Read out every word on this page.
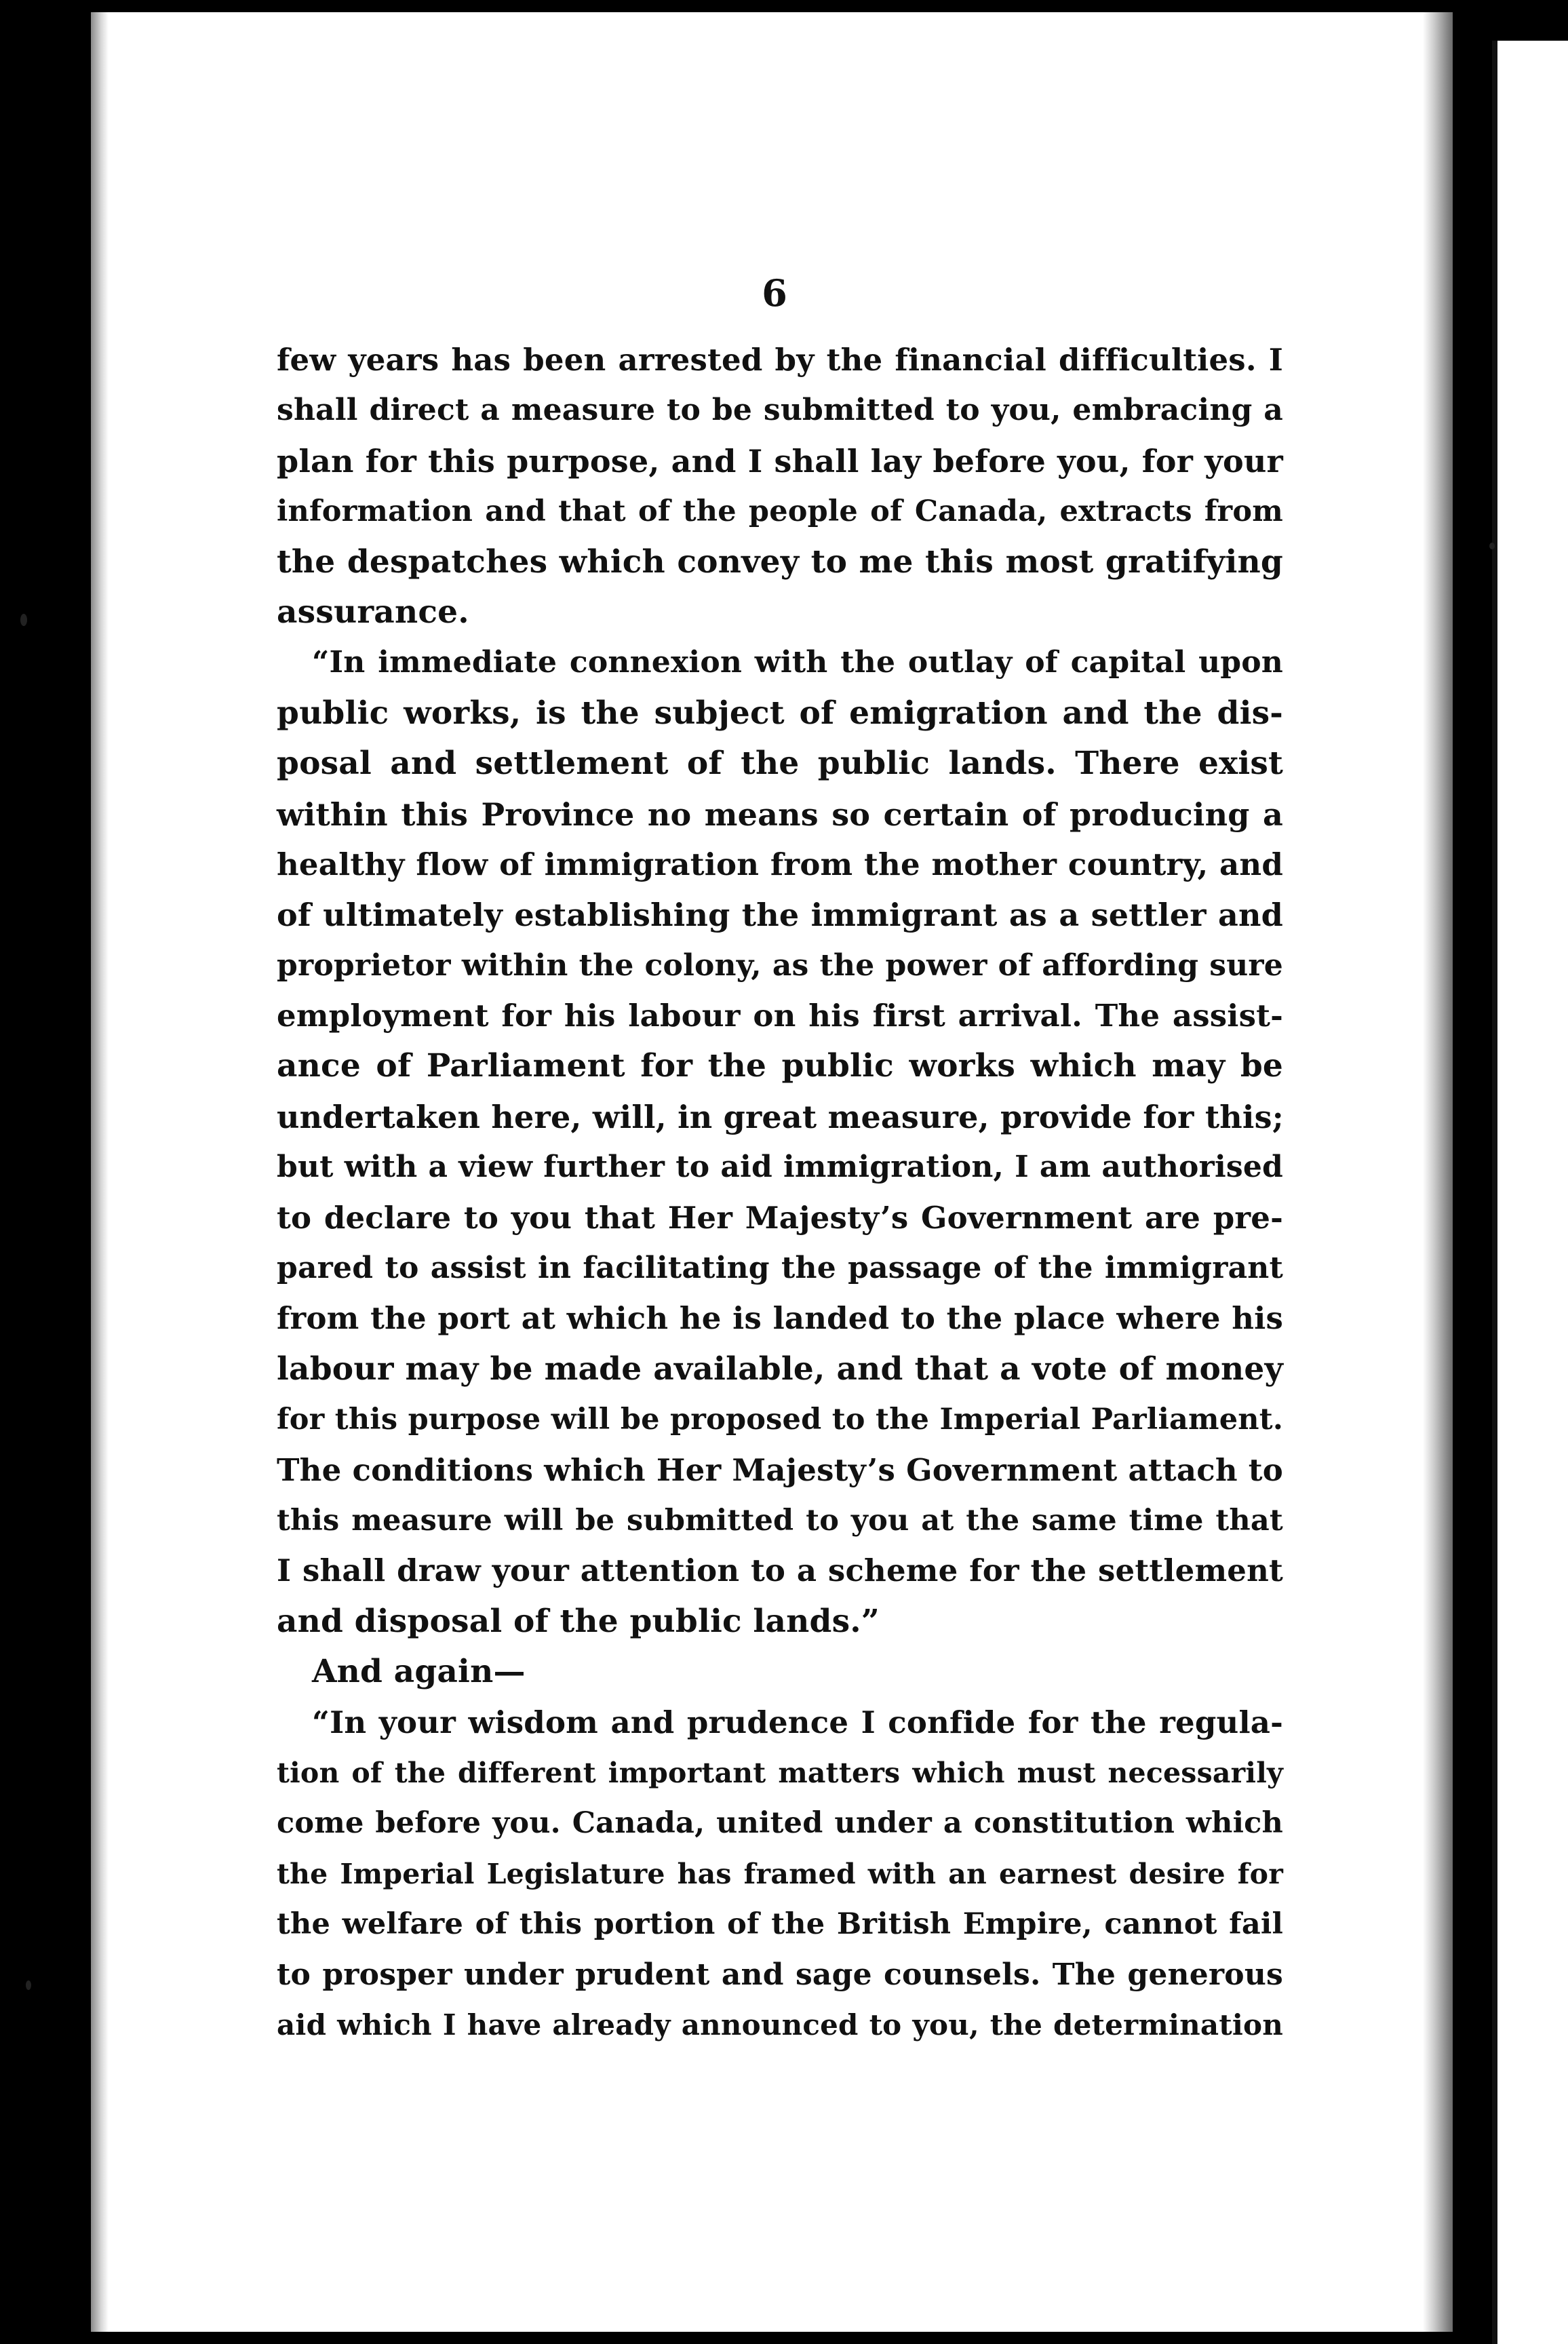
6
few years has been arrested by the financial difficulties. I
shall direct a measure to be submitted to you, embracing a
plan for this purpose, and I shall lay before you, for your
information and that of the people of Canada, extracts from
the despatches which convey to me this most gratifying
assurance.
“In immediate connexion with the outlay of capital upon
public works, is the subject of emigration and the dis-
posal and settlement of the public lands. There exist
within this Province no means so certain of producing a
healthy flow of immigration from the mother country, and
of ultimately establishing the immigrant as a settler and
proprietor within the colony, as the power of affording sure
employment for his labour on his first arrival. The assist-
ance of Parliament for the public works which may be
undertaken here, will, in great measure, provide for this;
but with a view further to aid immigration, I am authorised
to declare to you that Her Majesty’s Government are pre-
pared to assist in facilitating the passage of the immigrant
from the port at which he is landed to the place where his
labour may be made available, and that a vote of money
for this purpose will be proposed to the Imperial Parliament.
The conditions which Her Majesty’s Government attach to
this measure will be submitted to you at the same time that
I shall draw your attention to a scheme for the settlement
and disposal of the public lands.”
And again—
“In your wisdom and prudence I confide for the regula-
tion of the different important matters which must necessarily
come before you. Canada, united under a constitution which
the Imperial Legislature has framed with an earnest desire for
the welfare of this portion of the British Empire, cannot fail
to prosper under prudent and sage counsels. The generous
aid which I have already announced to you, the determination
